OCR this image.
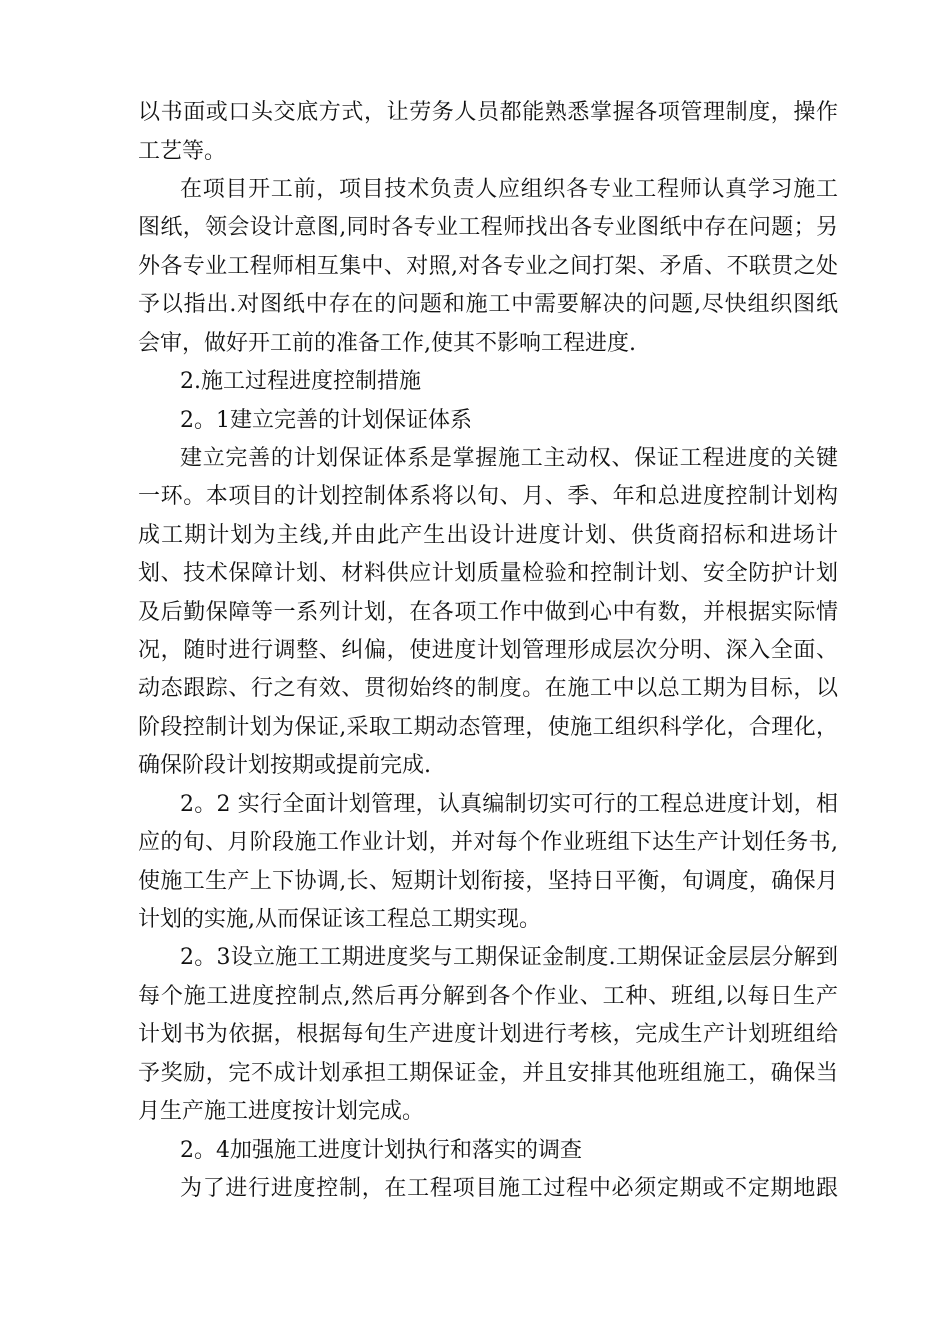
以书面或口头交底方式，让劳务人员都能熟悉掌握各项管理制度，操作
工艺等。
在项目开工前，项目技术负责人应组织各专业工程师认真学习施工
图纸，领会设计意图,同时各专业工程师找出各专业图纸中存在问题；另
外各专业工程师相互集中、对照,对各专业之间打架、矛盾、不联贯之处
予以指出.对图纸中存在的问题和施工中需要解决的问题,尽快组织图纸
会审，做好开工前的准备工作,使其不影响工程进度.
2.施工过程进度控制措施
2。1建立完善的计划保证体系
建立完善的计划保证体系是掌握施工主动权、保证工程进度的关键
一环。本项目的计划控制体系将以旬、月、季、年和总进度控制计划构
成工期计划为主线,并由此产生出设计进度计划、供货商招标和进场计
划、技术保障计划、材料供应计划质量检验和控制计划、安全防护计划
及后勤保障等一系列计划，在各项工作中做到心中有数，并根据实际情
况，随时进行调整、纠偏，使进度计划管理形成层次分明、深入全面、
动态跟踪、行之有效、贯彻始终的制度。在施工中以总工期为目标，以
阶段控制计划为保证,采取工期动态管理，使施工组织科学化，合理化，
确保阶段计划按期或提前完成.
2。2 实行全面计划管理，认真编制切实可行的工程总进度计划，相
应的旬、月阶段施工作业计划，并对每个作业班组下达生产计划任务书,
使施工生产上下协调,长、短期计划衔接，坚持日平衡，旬调度，确保月
计划的实施,从而保证该工程总工期实现。
2。3设立施工工期进度奖与工期保证金制度.工期保证金层层分解到
每个施工进度控制点,然后再分解到各个作业、工种、班组,以每日生产
计划书为依据，根据每旬生产进度计划进行考核，完成生产计划班组给
予奖励，完不成计划承担工期保证金，并且安排其他班组施工，确保当
月生产施工进度按计划完成。
2。4加强施工进度计划执行和落实的调查
为了进行进度控制，在工程项目施工过程中必须定期或不定期地跟
